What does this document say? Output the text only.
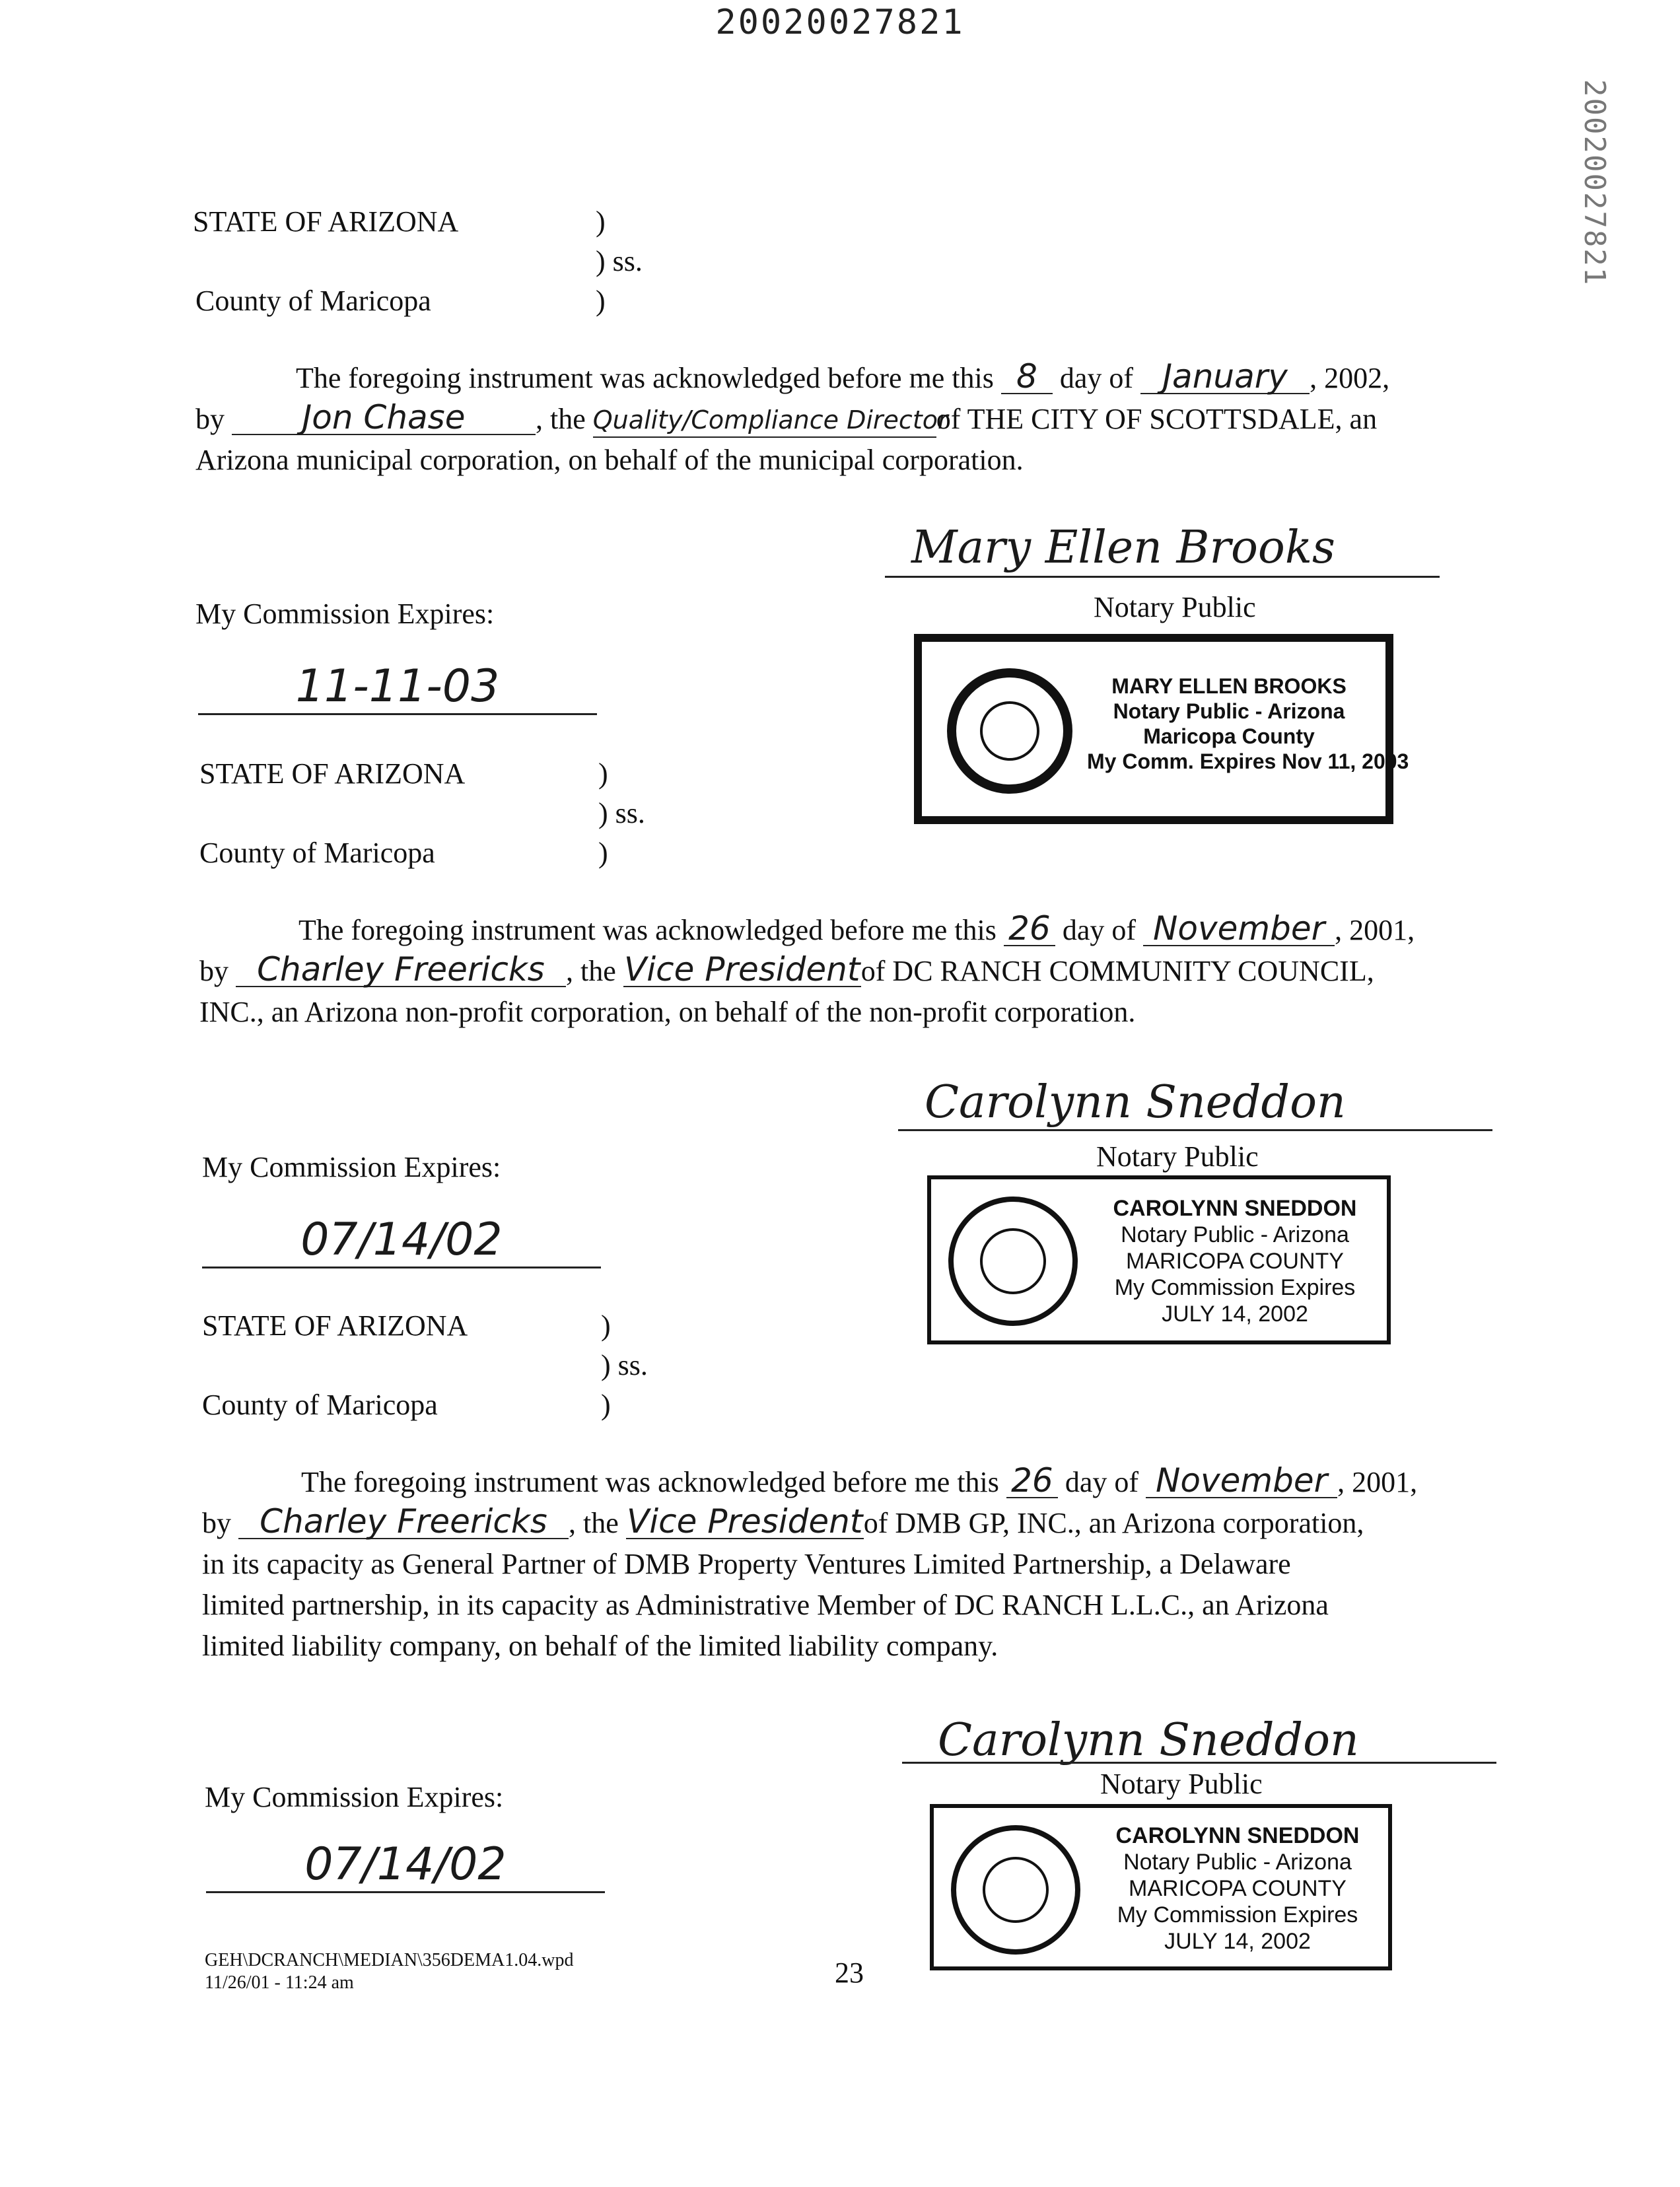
20020027821
20020027821
STATE OF ARIZONA	)
) ss.
County of Maricopa	)
The foregoing instrument was acknowledged before me this 8 day of January , 2002,
by Jon Chase , the Quality/Compliance Directorof THE CITY OF SCOTTSDALE, an
Arizona municipal corporation, on behalf of the municipal corporation.
Mary Ellen Brooks
Notary Public
My Commission Expires:
11-11-03	MARY ELLEN BROOKS
Notary Public - Arizona
Maricopa County
My Comm. Expires Nov 11, 2003
STATE OF ARIZONA	)
) ss.
County of Maricopa	)
The foregoing instrument was acknowledged before me this 26 day of November , 2001,
by Charley Freericks , the Vice Presidentof DC RANCH COMMUNITY COUNCIL,
INC., an Arizona non-profit corporation, on behalf of the non-profit corporation.
Carolynn Sneddon
Notary Public
My Commission Expires:
07/14/02
CAROLYNN SNEDDON
Notary Public - Arizona
MARICOPA COUNTY
My Commission Expires
JULY 14, 2002
STATE OF ARIZONA	)
) ss.
County of Maricopa	)
The foregoing instrument was acknowledged before me this 26 day of November , 2001,
by Charley Freericks , the Vice Presidentof DMB GP, INC., an Arizona corporation,
in its capacity as General Partner of DMB Property Ventures Limited Partnership, a Delaware
limited partnership, in its capacity as Administrative Member of DC RANCH L.L.C., an Arizona
limited liability company, on behalf of the limited liability company.
Carolynn Sneddon
Notary Public
My Commission Expires:
07/14/02
CAROLYNN SNEDDON
Notary Public - Arizona
MARICOPA COUNTY
My Commission Expires
JULY 14, 2002
GEH\DCRANCH\MEDIAN\356DEMA1.04.wpd
11/26/01 - 11:24 am	23
